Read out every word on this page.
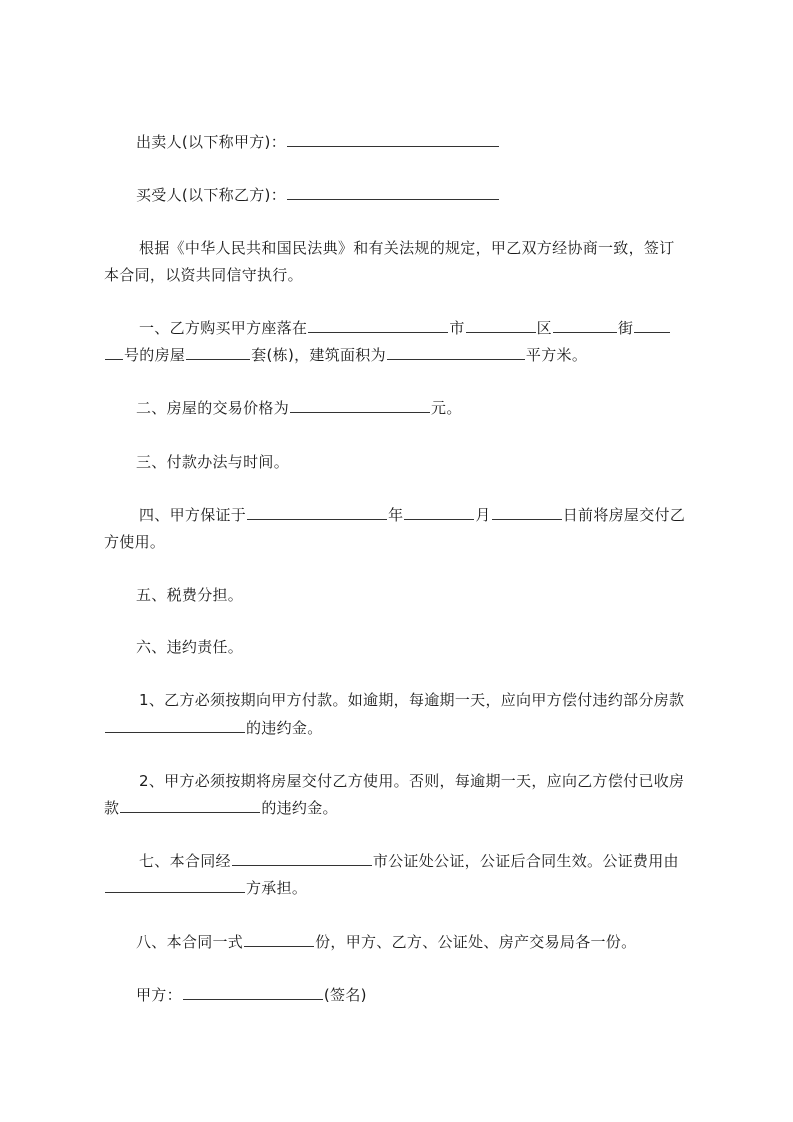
出卖人(以下称甲方)：
买受人(以下称乙方)：
根据《中华人民共和国民法典》和有关法规的规定，甲乙双方经协商一致，签订
本合同，以资共同信守执行。
一、乙方购买甲方座落在	市	区	街
号的房屋	套(栋)，建筑面积为	平方米。
二、房屋的交易价格为	元。
三、付款办法与时间。
四、甲方保证于	年	月	日前将房屋交付乙
方使用。
五、税费分担。
六、违约责任。
1、乙方必须按期向甲方付款。如逾期，每逾期一天，应向甲方偿付违约部分房款
的违约金。
2、甲方必须按期将房屋交付乙方使用。否则，每逾期一天，应向乙方偿付已收房
款	的违约金。
七、本合同经	市公证处公证，公证后合同生效。公证费用由
方承担。
八、本合同一式	份，甲方、乙方、公证处、房产交易局各一份。
甲方：	(签名)
